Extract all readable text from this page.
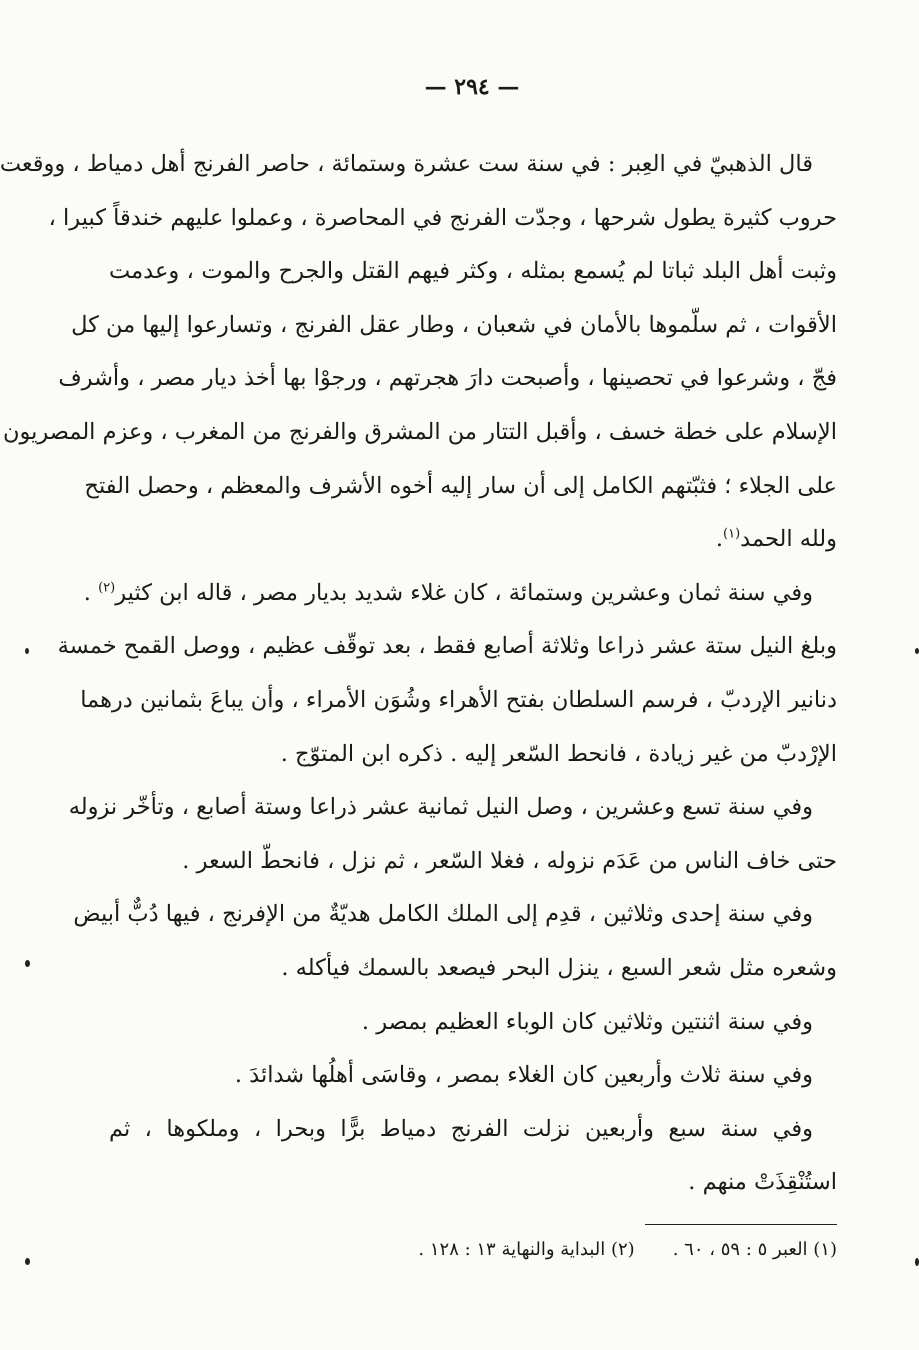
— ٢٩٤ —
قال الذهبيّ في العِبر : في سنة ست عشرة وستمائة ، حاصر الفرنج أهل دمياط ، ووقعت
حروب كثيرة يطول شرحها ، وجدّت الفرنج في المحاصرة ، وعملوا عليهم خندقاً كبيرا ،
وثبت أهل البلد ثباتا لم يُسمع بمثله ، وكثر فيهم القتل والجرح والموت ، وعدمت
الأقوات ، ثم سلّموها بالأمان في شعبان ، وطار عقل الفرنج ، وتسارعوا إليها من كل
فجّ ، وشرعوا في تحصينها ، وأصبحت دارَ هجرتهم ، ورجوْا بها أخذ ديار مصر ، وأشرف
الإسلام على خطة خسف ، وأقبل التتار من المشرق والفرنج من المغرب ، وعزم المصريون
على الجلاء ؛ فثبّتهم الكامل إلى أن سار إليه أخوه الأشرف والمعظم ، وحصل الفتح
ولله الحمد$^{(١)}$.
وفي سنة ثمان وعشرين وستمائة ، كان غلاء شديد بديار مصر ، قاله ابن كثير$^{(٢)}$ .
وبلغ النيل ستة عشر ذراعا وثلاثة أصابع فقط ، بعد توقّف عظيم ، ووصل القمح خمسة
دنانير الإردبّ ، فرسم السلطان بفتح الأهراء وشُوَن الأمراء ، وأن يباعَ بثمانين درهما
الإرْدبّ من غير زيادة ، فانحط السّعر إليه . ذكره ابن المتوّج .
وفي سنة تسع وعشرين ، وصل النيل ثمانية عشر ذراعا وستة أصابع ، وتأخّر نزوله
حتى خاف الناس من عَدَم نزوله ، فغلا السّعر ، ثم نزل ، فانحطّ السعر .
وفي سنة إحدى وثلاثين ، قدِم إلى الملك الكامل هديّةٌ من الإفرنج ، فيها دُبٌّ أبيض
وشعره مثل شعر السبع ، ينزل البحر فيصعد بالسمك فيأكله .
وفي سنة اثنتين وثلاثين كان الوباء العظيم بمصر .
وفي سنة ثلاث وأربعين كان الغلاء بمصر ، وقاسَى أهلُها شدائدَ .
وفي سنة سبع وأربعين نزلت الفرنج دمياط برًّا وبحرا ، وملكوها ، ثم
استُنْقِذَتْ منهم .
(١) العبر ٥ : ٥٩ ، ٦٠ .(٢) البداية والنهاية ١٣ : ١٢٨ .
